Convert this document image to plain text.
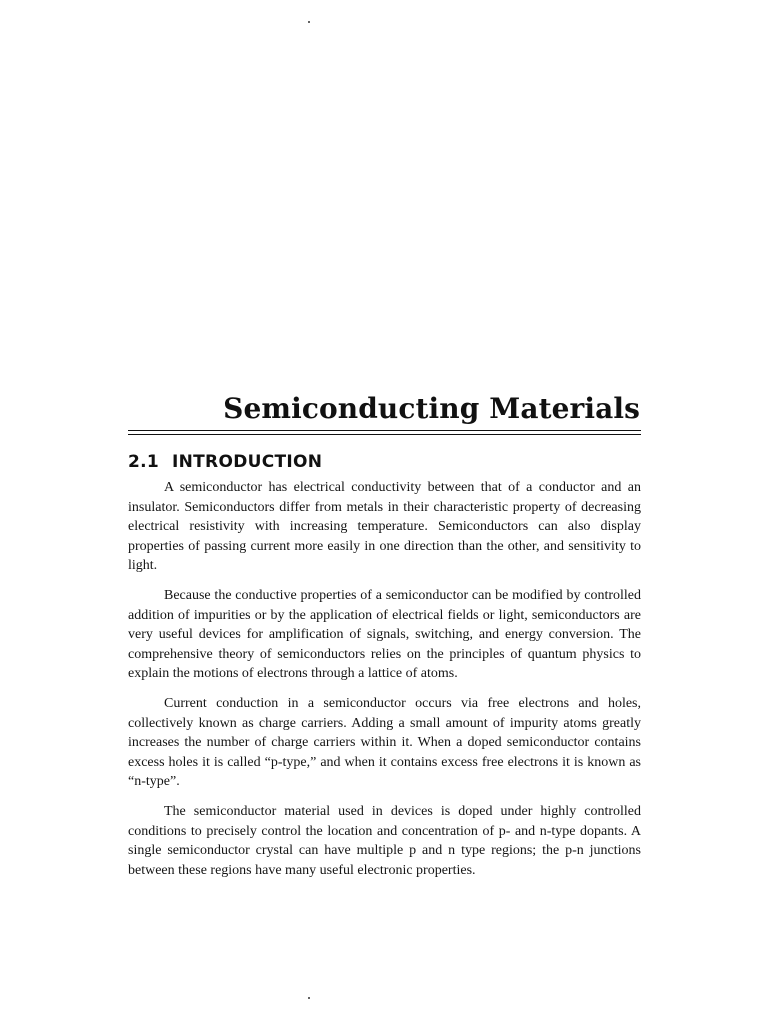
Semiconducting Materials
2.1 INTRODUCTION

A semiconductor has electrical conductivity between that of a conductor and an insulator. Semiconductors differ from metals in their characteristic property of decreasing electrical resistivity with increasing temperature. Semiconductors can also display properties of passing current more easily in one direction than the other, and sensitivity to light.

Because the conductive properties of a semiconductor can be modified by controlled addition of impurities or by the application of electrical fields or light, semiconductors are very useful devices for amplification of signals, switching, and energy conversion. The comprehensive theory of semiconductors relies on the principles of quantum physics to explain the motions of electrons through a lattice of atoms.

Current conduction in a semiconductor occurs via free electrons and holes, collectively known as charge carriers. Adding a small amount of impurity atoms greatly increases the number of charge carriers within it. When a doped semiconductor contains excess holes it is called “p-type,” and when it contains excess free electrons it is known as “n-type”.

The semiconductor material used in devices is doped under highly controlled conditions to precisely control the location and concentration of p- and n-type dopants. A single semiconductor crystal can have multiple p and n type regions; the p-n junctions between these regions have many useful electronic properties.
